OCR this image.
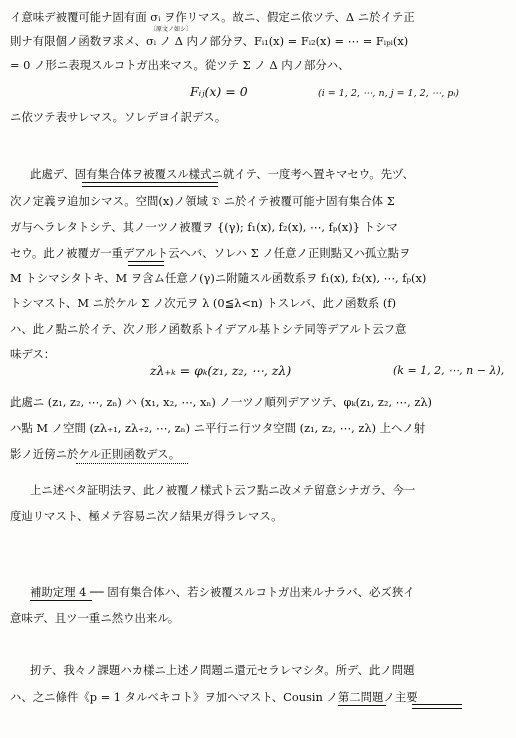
イ意味デ被覆可能ナ固有面 σᵢ ヲ作リマス。故ニ、假定ニ依ツテ、Δ ニ於イテ正
〔原文ノ如シ〕
則ナ有限個ノ函数ヲ求メ、σᵢ ノ Δ 内ノ部分ヲ、Fᵢ₁(x) = Fᵢ₂(x) = ⋯ = Fᵢₚᵢ(x)
= 0 ノ形ニ表現スルコトガ出来マス。從ツテ Σ ノ Δ 内ノ部分ハ、
Fᵢⱼ(x) = 0	(i = 1, 2, ⋯, n, j = 1, 2, ⋯, pᵢ)
ニ依ツテ表サレマス。ソレデヨイ訳デス。
此處デ、固有集合体ヲ被覆スル樣式ニ就イテ、一度考ヘ置キマセウ。先ヅ、
次ノ定義ヲ追加シマス。空間(x)ノ領域 𝔇 ニ於イテ被覆可能ナ固有集合体 Σ
ガ与ヘラレタトシテ、其ノ一ツノ被覆ヲ {(γ); f₁(x), f₂(x), ⋯, fₚ(x)} トシマ
セウ。此ノ被覆ガ一重デアルト云ヘバ、ソレハ Σ ノ任意ノ正則點又ハ孤立點ヲ
M トシマシタトキ、M ヲ含ム任意ノ(γ)ニ附隨スル函数系ヲ f₁(x), f₂(x), ⋯, fₚ(x)
トシマスト、M ニ於ケル Σ ノ次元ヲ λ (0≦λ<n) トスレバ、此ノ函数系 (f)
ハ、此ノ點ニ於イテ、次ノ形ノ函数系トイデアル基トシテ同等デアルト云フ意
味デス：
zλ₊ₖ = φₖ(z₁, z₂, ⋯, zλ)	(k = 1, 2, ⋯, n − λ),
此處ニ (z₁, z₂, ⋯, zₙ) ハ (x₁, x₂, ⋯, xₙ) ノ一ツノ順列デアツテ、φₖ(z₁, z₂, ⋯, zλ)
ハ點 M ノ空間 (zλ₊₁, zλ₊₂, ⋯, zₙ) ニ平行ニ行ツタ空間 (z₁, z₂, ⋯, zλ) 上ヘノ射
影ノ近傍ニ於ケル正則函数デス。
上ニ述ベタ証明法ヲ、此ノ被覆ノ樣式ト云フ點ニ改メテ留意シナガラ、今一
度辿リマスト、極メテ容易ニ次ノ結果ガ得ラレマス。
補助定理 4 ── 固有集合体ハ、若シ被覆スルコトガ出来ルナラバ、必ズ狹イ
意味デ、且ツ一重ニ然ウ出来ル。
扨テ、我々ノ課題ハカ樣ニ上述ノ問題ニ還元セラレマシタ。所デ、此ノ問題
ハ、之ニ條件《p = 1 タルベキコト》ヲ加ヘマスト、Cousin ノ第二問題ノ主要
